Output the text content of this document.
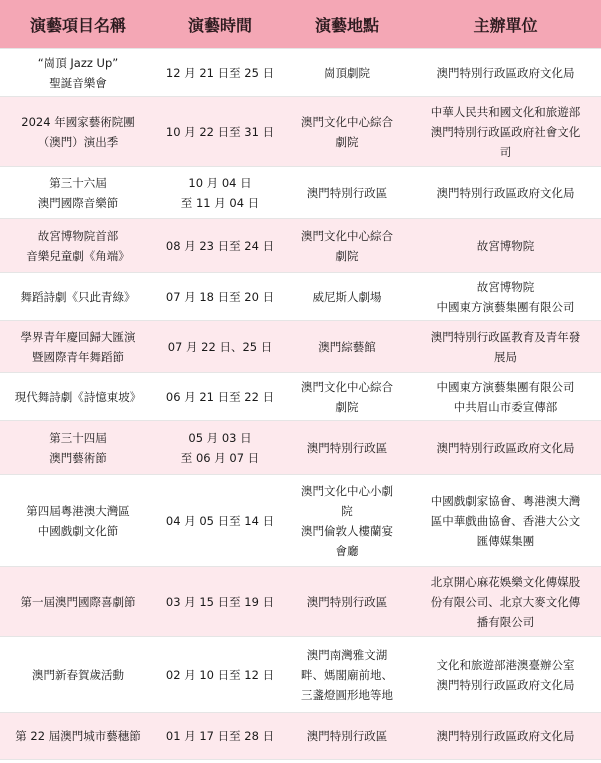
演藝項目名稱	演藝時間	演藝地點	主辦單位

“崗頂 Jazz Up”
聖誕音樂會	12 月 21 日至 25 日	崗頂劇院	澳門特別行政區政府文化局

2024 年國家藝術院團
（澳門）演出季	10 月 22 日至 31 日	澳門文化中心綜合
劇院	中華人民共和國文化和旅遊部
澳門特別行政區政府社會文化
司

第三十六屆
澳門國際音樂節	10 月 04 日
至 11 月 04 日	澳門特別行政區	澳門特別行政區政府文化局

故宮博物院首部
音樂兒童劇《角端》	08 月 23 日至 24 日	澳門文化中心綜合
劇院	故宮博物院

舞蹈詩劇《只此青綠》	07 月 18 日至 20 日	威尼斯人劇場	故宮博物院
中國東方演藝集團有限公司

學界青年慶回歸大匯演
暨國際青年舞蹈節	07 月 22 日、25 日	澳門綜藝館	澳門特別行政區教育及青年發
展局

現代舞詩劇《詩憶東坡》	06 月 21 日至 22 日	澳門文化中心綜合
劇院	中國東方演藝集團有限公司
中共眉山市委宣傳部

第三十四屆
澳門藝術節	05 月 03 日
至 06 月 07 日	澳門特別行政區	澳門特別行政區政府文化局

第四屆粵港澳大灣區
中國戲劇文化節	04 月 05 日至 14 日	澳門文化中心小劇
院
澳門倫敦人樓蘭宴
會廳	中國戲劇家協會、粵港澳大灣
區中華戲曲協會、香港大公文
匯傳媒集團

第一屆澳門國際喜劇節	03 月 15 日至 19 日	澳門特別行政區	北京開心麻花娛樂文化傳媒股
份有限公司、北京大麥文化傳
播有限公司

澳門新春賀歲活動	02 月 10 日至 12 日	澳門南灣雅文湖
畔、媽閣廟前地、
三盞燈圓形地等地	文化和旅遊部港澳臺辦公室
澳門特別行政區政府文化局

第 22 屆澳門城市藝穗節	01 月 17 日至 28 日	澳門特別行政區	澳門特別行政區政府文化局
